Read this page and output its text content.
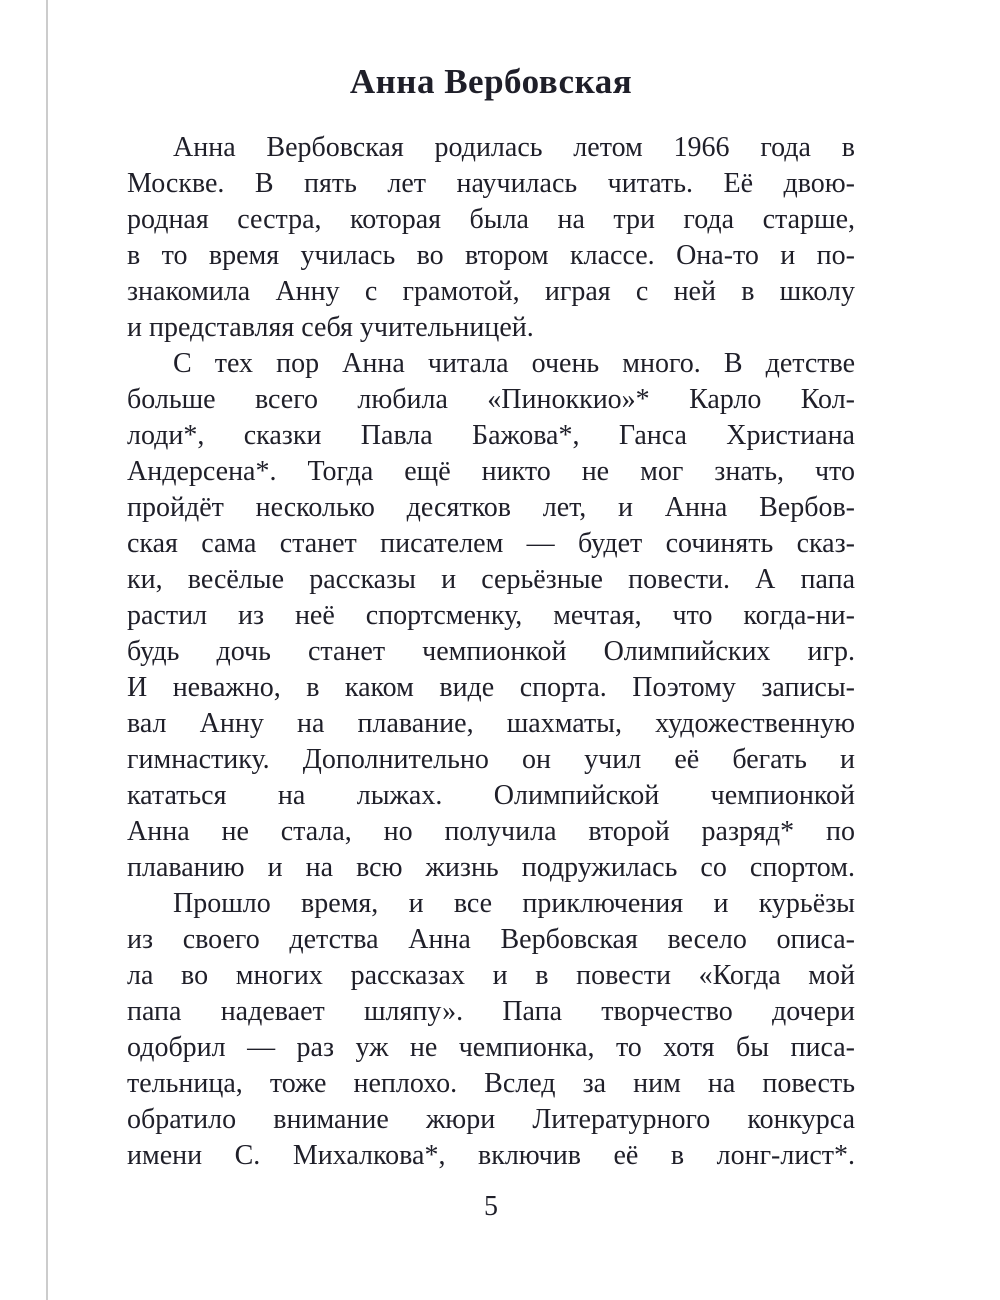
Анна Вербовская
Анна Вербовская родилась летом 1966 года в
Москве. В пять лет научилась читать. Её двою-
родная сестра, которая была на три года старше,
в то время училась во втором классе. Она-то и по-
знакомила Анну с грамотой, играя с ней в школу
и представляя себя учительницей.
С тех пор Анна читала очень много. В детстве
больше всего любила «Пиноккио»* Карло Кол-
лоди*, сказки Павла Бажова*, Ганса Христиана
Андерсена*. Тогда ещё никто не мог знать, что
пройдёт несколько десятков лет, и Анна Вербов-
ская сама станет писателем — будет сочинять сказ-
ки, весёлые рассказы и серьёзные повести. А папа
растил из неё спортсменку, мечтая, что когда-ни-
будь дочь станет чемпионкой Олимпийских игр.
И неважно, в каком виде спорта. Поэтому записы-
вал Анну на плавание, шахматы, художественную
гимнастику. Дополнительно он учил её бегать и
кататься на лыжах. Олимпийской чемпионкой
Анна не стала, но получила второй разряд* по
плаванию и на всю жизнь подружилась со спортом.
Прошло время, и все приключения и курьёзы
из своего детства Анна Вербовская весело описа-
ла во многих рассказах и в повести «Когда мой
папа надевает шляпу». Папа творчество дочери
одобрил — раз уж не чемпионка, то хотя бы писа-
тельница, тоже неплохо. Вслед за ним на повесть
обратило внимание жюри Литературного конкурса
имени С. Михалкова*, включив её в лонг-лист*.
5
